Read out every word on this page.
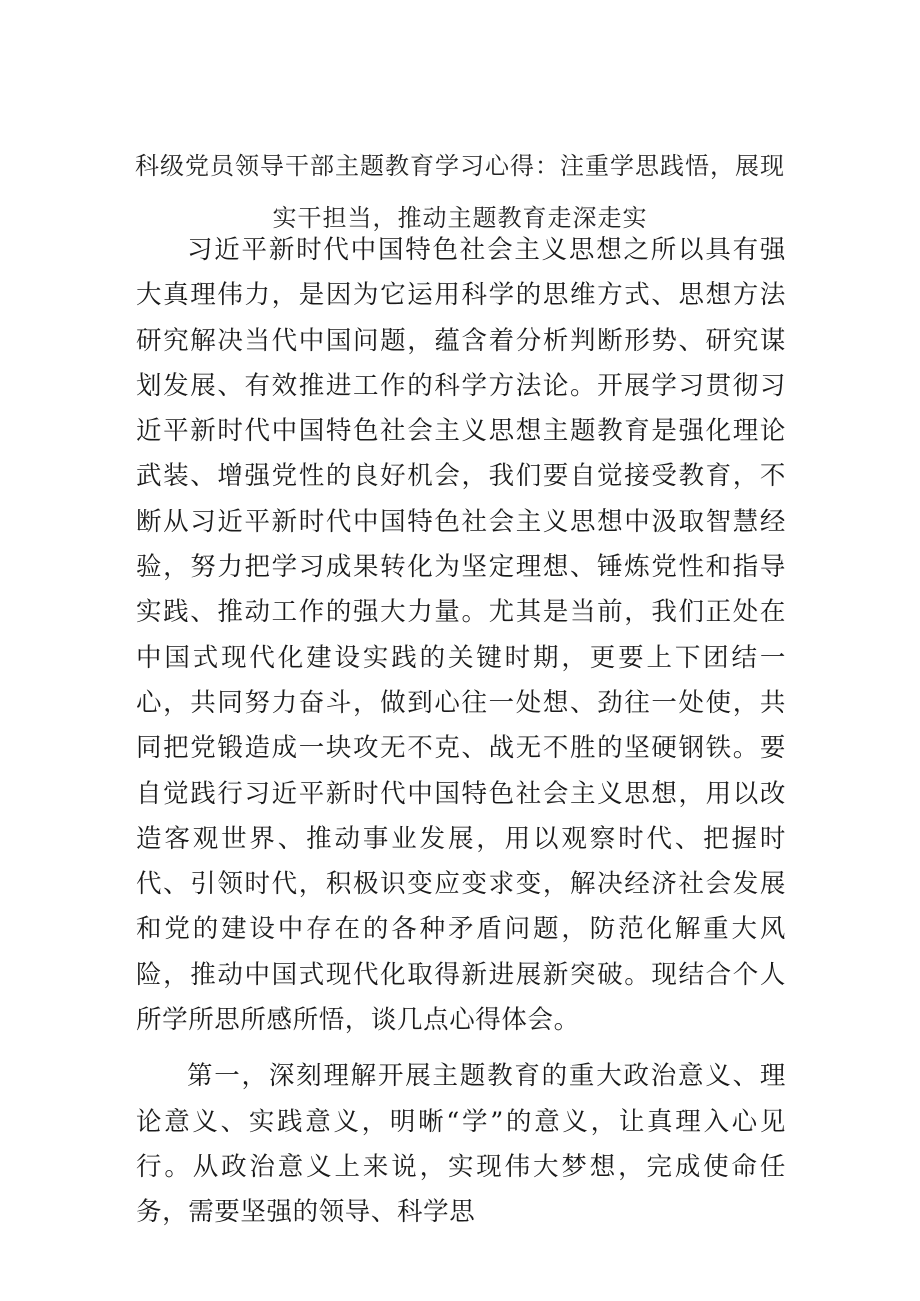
科级党员领导干部主题教育学习心得：注重学思践悟，展现
实干担当，推动主题教育走深走实

习近平新时代中国特色社会主义思想之所以具有强大真理伟力，是因为它运用科学的思维方式、思想方法研究解决当代中国问题，蕴含着分析判断形势、研究谋划发展、有效推进工作的科学方法论。开展学习贯彻习近平新时代中国特色社会主义思想主题教育是强化理论武装、增强党性的良好机会，我们要自觉接受教育，不断从习近平新时代中国特色社会主义思想中汲取智慧经验，努力把学习成果转化为坚定理想、锤炼党性和指导实践、推动工作的强大力量。尤其是当前，我们正处在中国式现代化建设实践的关键时期，更要上下团结一心，共同努力奋斗，做到心往一处想、劲往一处使，共同把党锻造成一块攻无不克、战无不胜的坚硬钢铁。要自觉践行习近平新时代中国特色社会主义思想，用以改造客观世界、推动事业发展，用以观察时代、把握时代、引领时代，积极识变应变求变，解决经济社会发展和党的建设中存在的各种矛盾问题，防范化解重大风险，推动中国式现代化取得新进展新突破。现结合个人所学所思所感所悟，谈几点心得体会。

第一，深刻理解开展主题教育的重大政治意义、理论意义、实践意义，明晰“学”的意义，让真理入心见行。从政治意义上来说，实现伟大梦想，完成使命任务，需要坚强的领导、科学思
